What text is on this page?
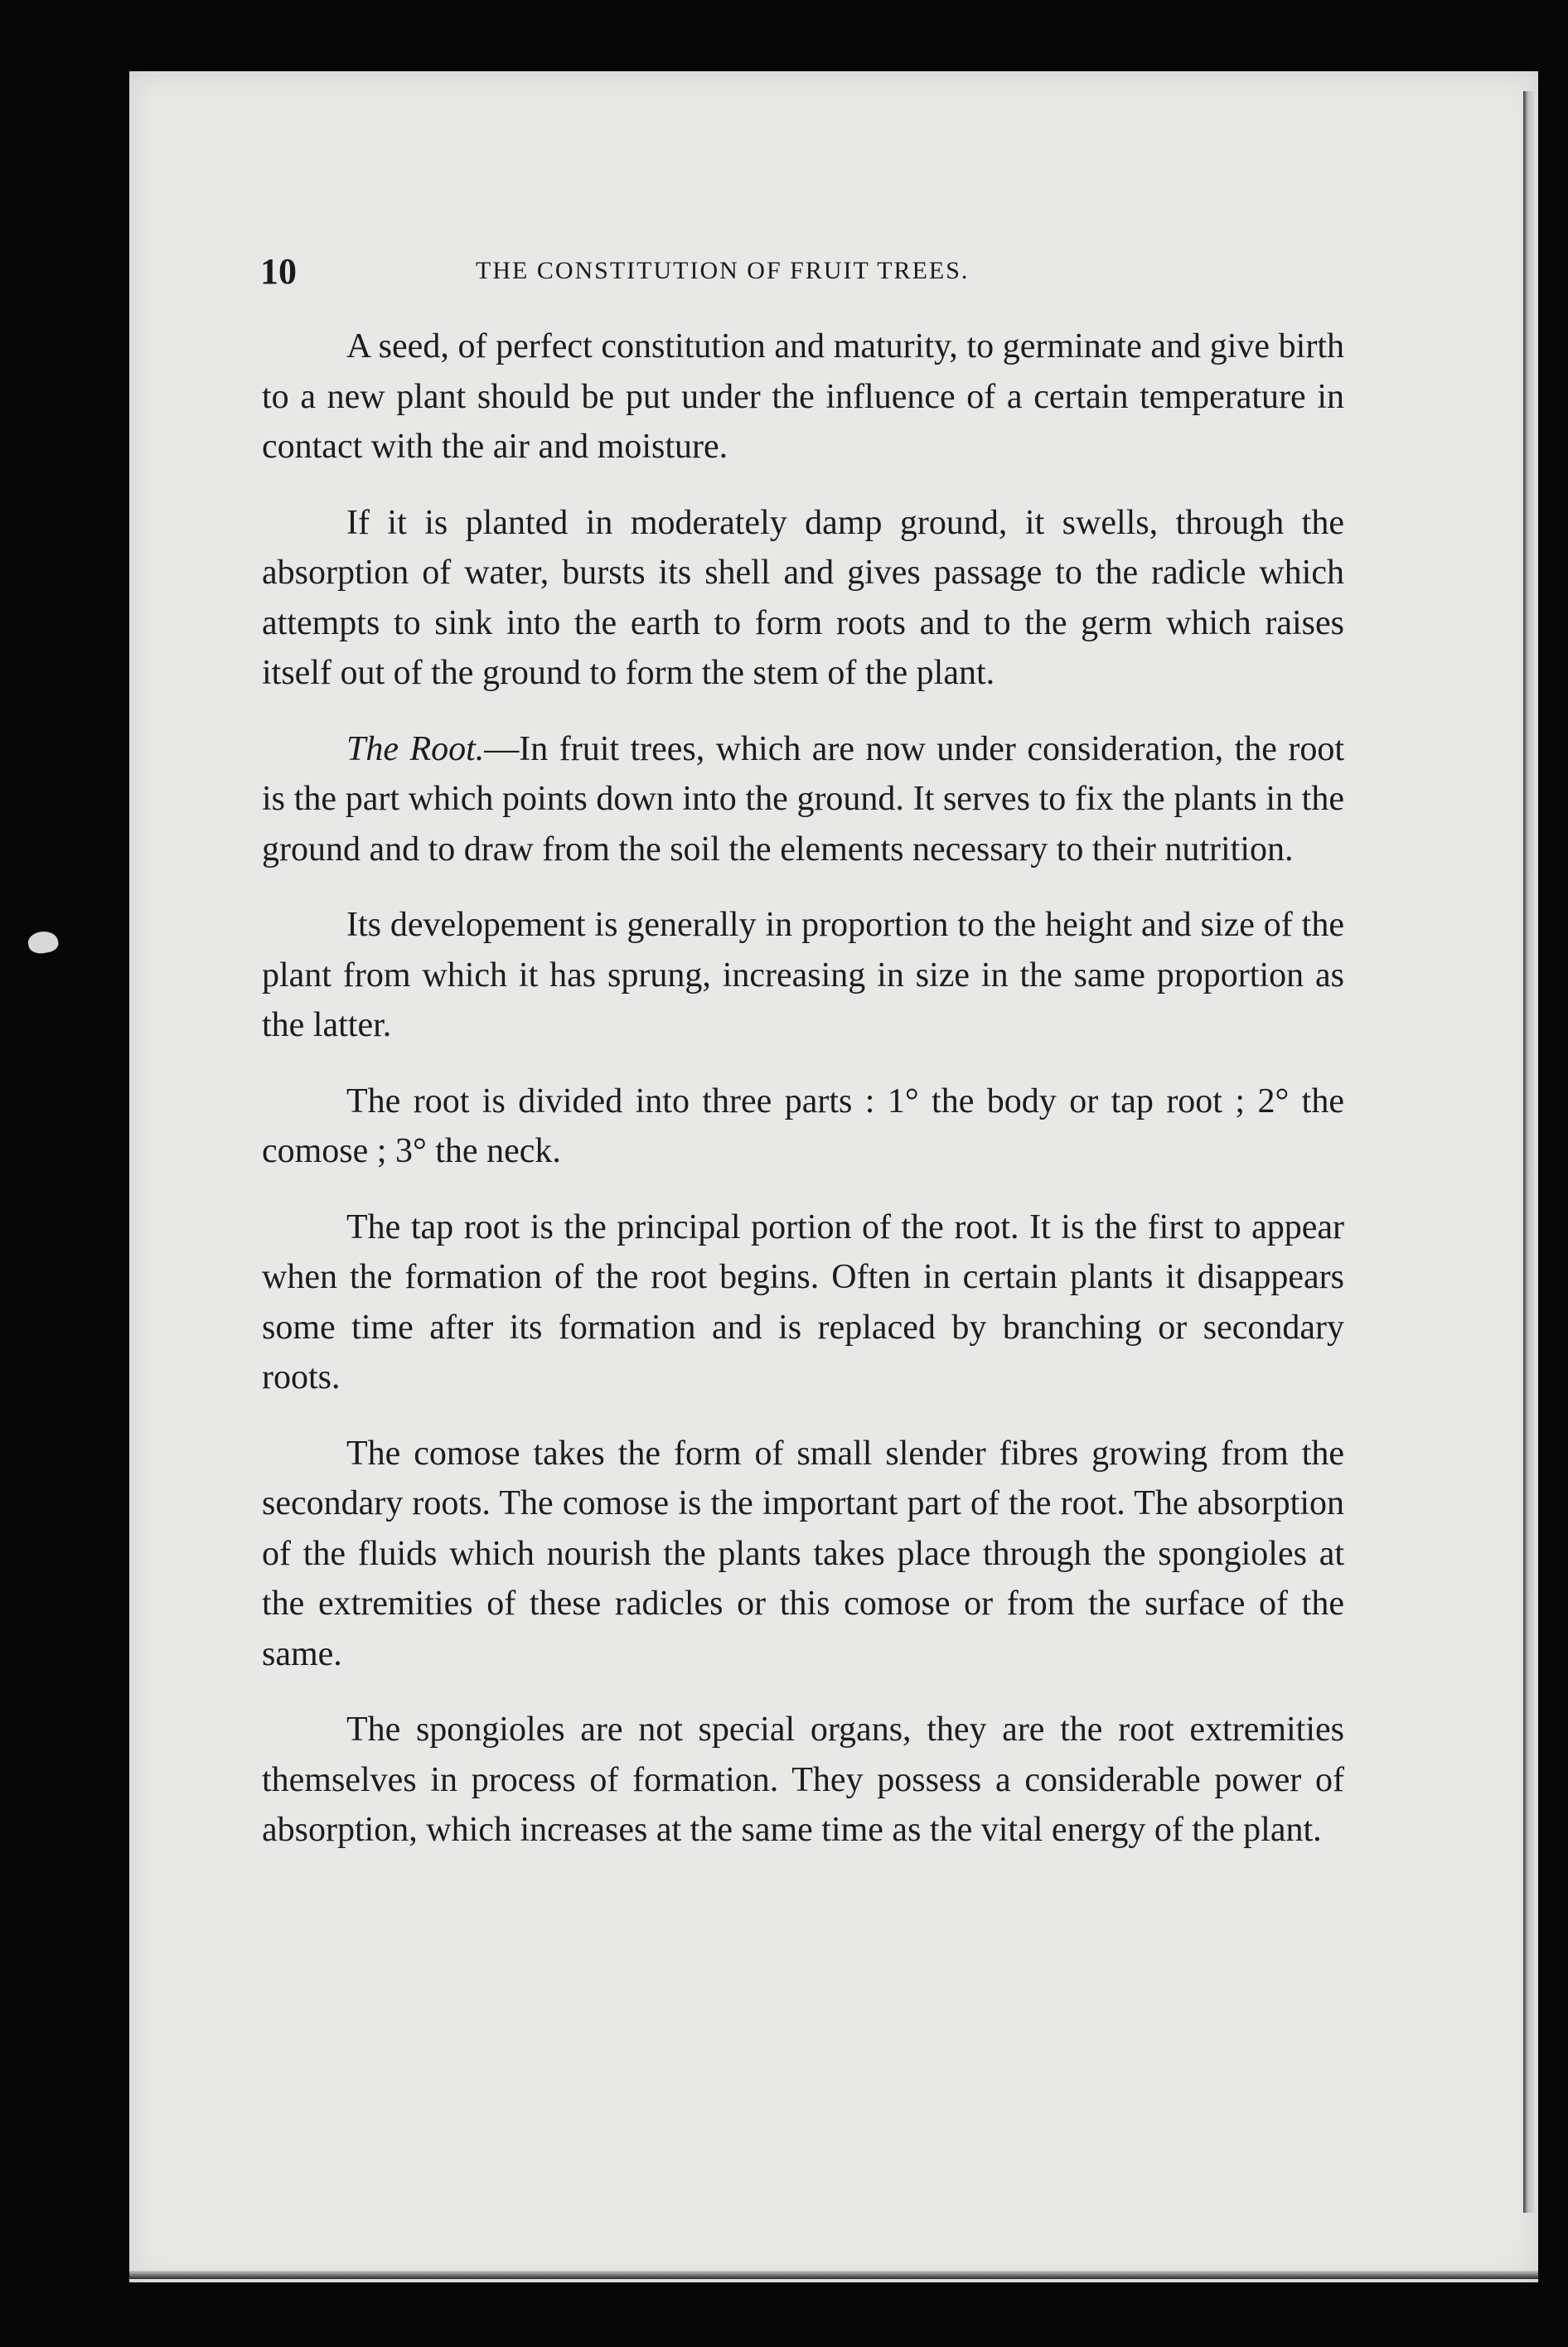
10	THE CONSTITUTION OF FRUIT TREES.

A seed, of perfect constitution and maturity, to germinate and give birth to a new plant should be put under the influence of a certain temperature in contact with the air and moisture.

If it is planted in moderately damp ground, it swells, through the absorption of water, bursts its shell and gives passage to the radicle which attempts to sink into the earth to form roots and to the germ which raises itself out of the ground to form the stem of the plant.

The Root.—In fruit trees, which are now under consideration, the root is the part which points down into the ground. It serves to fix the plants in the ground and to draw from the soil the elements necessary to their nutrition.

Its developement is generally in proportion to the height and size of the plant from which it has sprung, increasing in size in the same proportion as the latter.

The root is divided into three parts : 1° the body or tap root ; 2° the comose ; 3° the neck.

The tap root is the principal portion of the root. It is the first to appear when the formation of the root begins. Often in certain plants it disappears some time after its formation and is replaced by branching or secondary roots.

The comose takes the form of small slender fibres growing from the secondary roots. The comose is the important part of the root. The absorption of the fluids which nourish the plants takes place through the spongioles at the extremities of these radicles or this comose or from the surface of the same.

The spongioles are not special organs, they are the root extremities themselves in process of formation. They possess a considerable power of absorption, which increases at the same time as the vital energy of the plant.
